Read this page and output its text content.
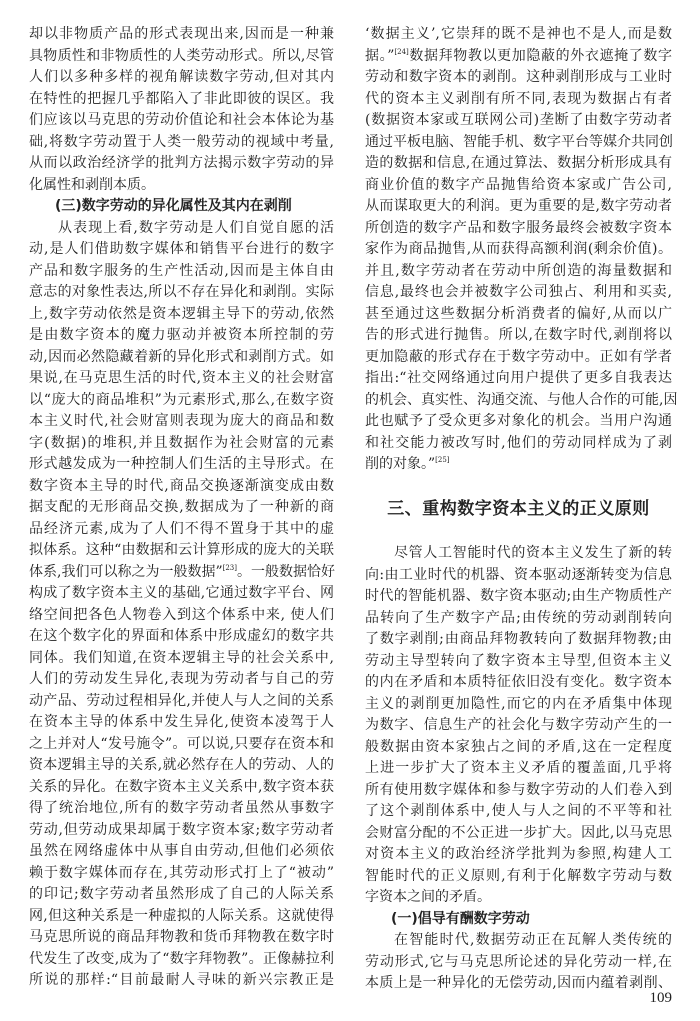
却以非物质产品的形式表现出来,因而是一种兼
具物质性和非物质性的人类劳动形式。所以,尽管
人们以多种多样的视角解读数字劳动,但对其内
在特性的把握几乎都陷入了非此即彼的误区。我
们应该以马克思的劳动价值论和社会本体论为基
础,将数字劳动置于人类一般劳动的视域中考量,
从而以政治经济学的批判方法揭示数字劳动的异
化属性和剥削本质。
(三)数字劳动的异化属性及其内在剥削
从表现上看,数字劳动是人们自觉自愿的活
动,是人们借助数字媒体和销售平台进行的数字
产品和数字服务的生产性活动,因而是主体自由
意志的对象性表达,所以不存在异化和剥削。实际
上,数字劳动依然是资本逻辑主导下的劳动,依然
是由数字资本的魔力驱动并被资本所控制的劳
动,因而必然隐藏着新的异化形式和剥削方式。如
果说,在马克思生活的时代,资本主义的社会财富
以“庞大的商品堆积”为元素形式,那么,在数字资
本主义时代,社会财富则表现为庞大的商品和数
字(数据)的堆积,并且数据作为社会财富的元素
形式越发成为一种控制人们生活的主导形式。在
数字资本主导的时代,商品交换逐渐演变成由数
据支配的无形商品交换,数据成为了一种新的商
品经济元素,成为了人们不得不置身于其中的虚
拟体系。这种“由数据和云计算形成的庞大的关联
体系,我们可以称之为一般数据”[23]。一般数据恰好
构成了数字资本主义的基础,它通过数字平台、网
络空间把各色人物卷入到这个体系中来, 使人们
在这个数字化的界面和体系中形成虚幻的数字共
同体。我们知道,在资本逻辑主导的社会关系中,
人们的劳动发生异化,表现为劳动者与自己的劳
动产品、劳动过程相异化,并使人与人之间的关系
在资本主导的体系中发生异化,使资本凌驾于人
之上并对人“发号施令”。可以说,只要存在资本和
资本逻辑主导的关系,就必然存在人的劳动、人的
关系的异化。在数字资本主义关系中,数字资本获
得了统治地位,所有的数字劳动者虽然从事数字
劳动,但劳动成果却属于数字资本家;数字劳动者
虽然在网络虚体中从事自由劳动,但他们必须依
赖于数字媒体而存在,其劳动形式打上了“被动”
的印记;数字劳动者虽然形成了自己的人际关系
网,但这种关系是一种虚拟的人际关系。这就使得
马克思所说的商品拜物教和货币拜物教在数字时
代发生了改变,成为了“数字拜物教”。正像赫拉利
所说的那样:“目前最耐人寻味的新兴宗教正是
‘数据主义’,它崇拜的既不是神也不是人,而是数
据。”[24]数据拜物教以更加隐蔽的外衣遮掩了数字
劳动和数字资本的剥削。这种剥削形成与工业时
代的资本主义剥削有所不同,表现为数据占有者
(数据资本家或互联网公司)垄断了由数字劳动者
通过平板电脑、智能手机、数字平台等媒介共同创
造的数据和信息,在通过算法、数据分析形成具有
商业价值的数字产品抛售给资本家或广告公司,
从而谋取更大的利润。更为重要的是,数字劳动者
所创造的数字产品和数字服务最终会被数字资本
家作为商品抛售,从而获得高额利润(剩余价值)。
并且,数字劳动者在劳动中所创造的海量数据和
信息,最终也会并被数字公司独占、利用和买卖,
甚至通过这些数据分析消费者的偏好,从而以广
告的形式进行抛售。所以,在数字时代,剥削将以
更加隐蔽的形式存在于数字劳动中。正如有学者
指出:“社交网络通过向用户提供了更多自我表达
的机会、真实性、沟通交流、与他人合作的可能,因
此也赋予了受众更多对象化的机会。当用户沟通
和社交能力被改写时,他们的劳动同样成为了剥
削的对象。”[25]
三、重构数字资本主义的正义原则
尽管人工智能时代的资本主义发生了新的转
向:由工业时代的机器、资本驱动逐渐转变为信息
时代的智能机器、数字资本驱动;由生产物质性产
品转向了生产数字产品;由传统的劳动剥削转向
了数字剥削;由商品拜物教转向了数据拜物教;由
劳动主导型转向了数字资本主导型,但资本主义
的内在矛盾和本质特征依旧没有变化。数字资本
主义的剥削更加隐性,而它的内在矛盾集中体现
为数字、信息生产的社会化与数字劳动产生的一
般数据由资本家独占之间的矛盾,这在一定程度
上进一步扩大了资本主义矛盾的覆盖面,几乎将
所有使用数字媒体和参与数字劳动的人们卷入到
了这个剥削体系中,使人与人之间的不平等和社
会财富分配的不公正进一步扩大。因此,以马克思
对资本主义的政治经济学批判为参照,构建人工
智能时代的正义原则,有利于化解数字劳动与数
字资本之间的矛盾。
(一)倡导有酬数字劳动
在智能时代,数据劳动正在瓦解人类传统的
劳动形式,它与马克思所论述的异化劳动一样,在
本质上是一种异化的无偿劳动,因而内蕴着剥削、
109
